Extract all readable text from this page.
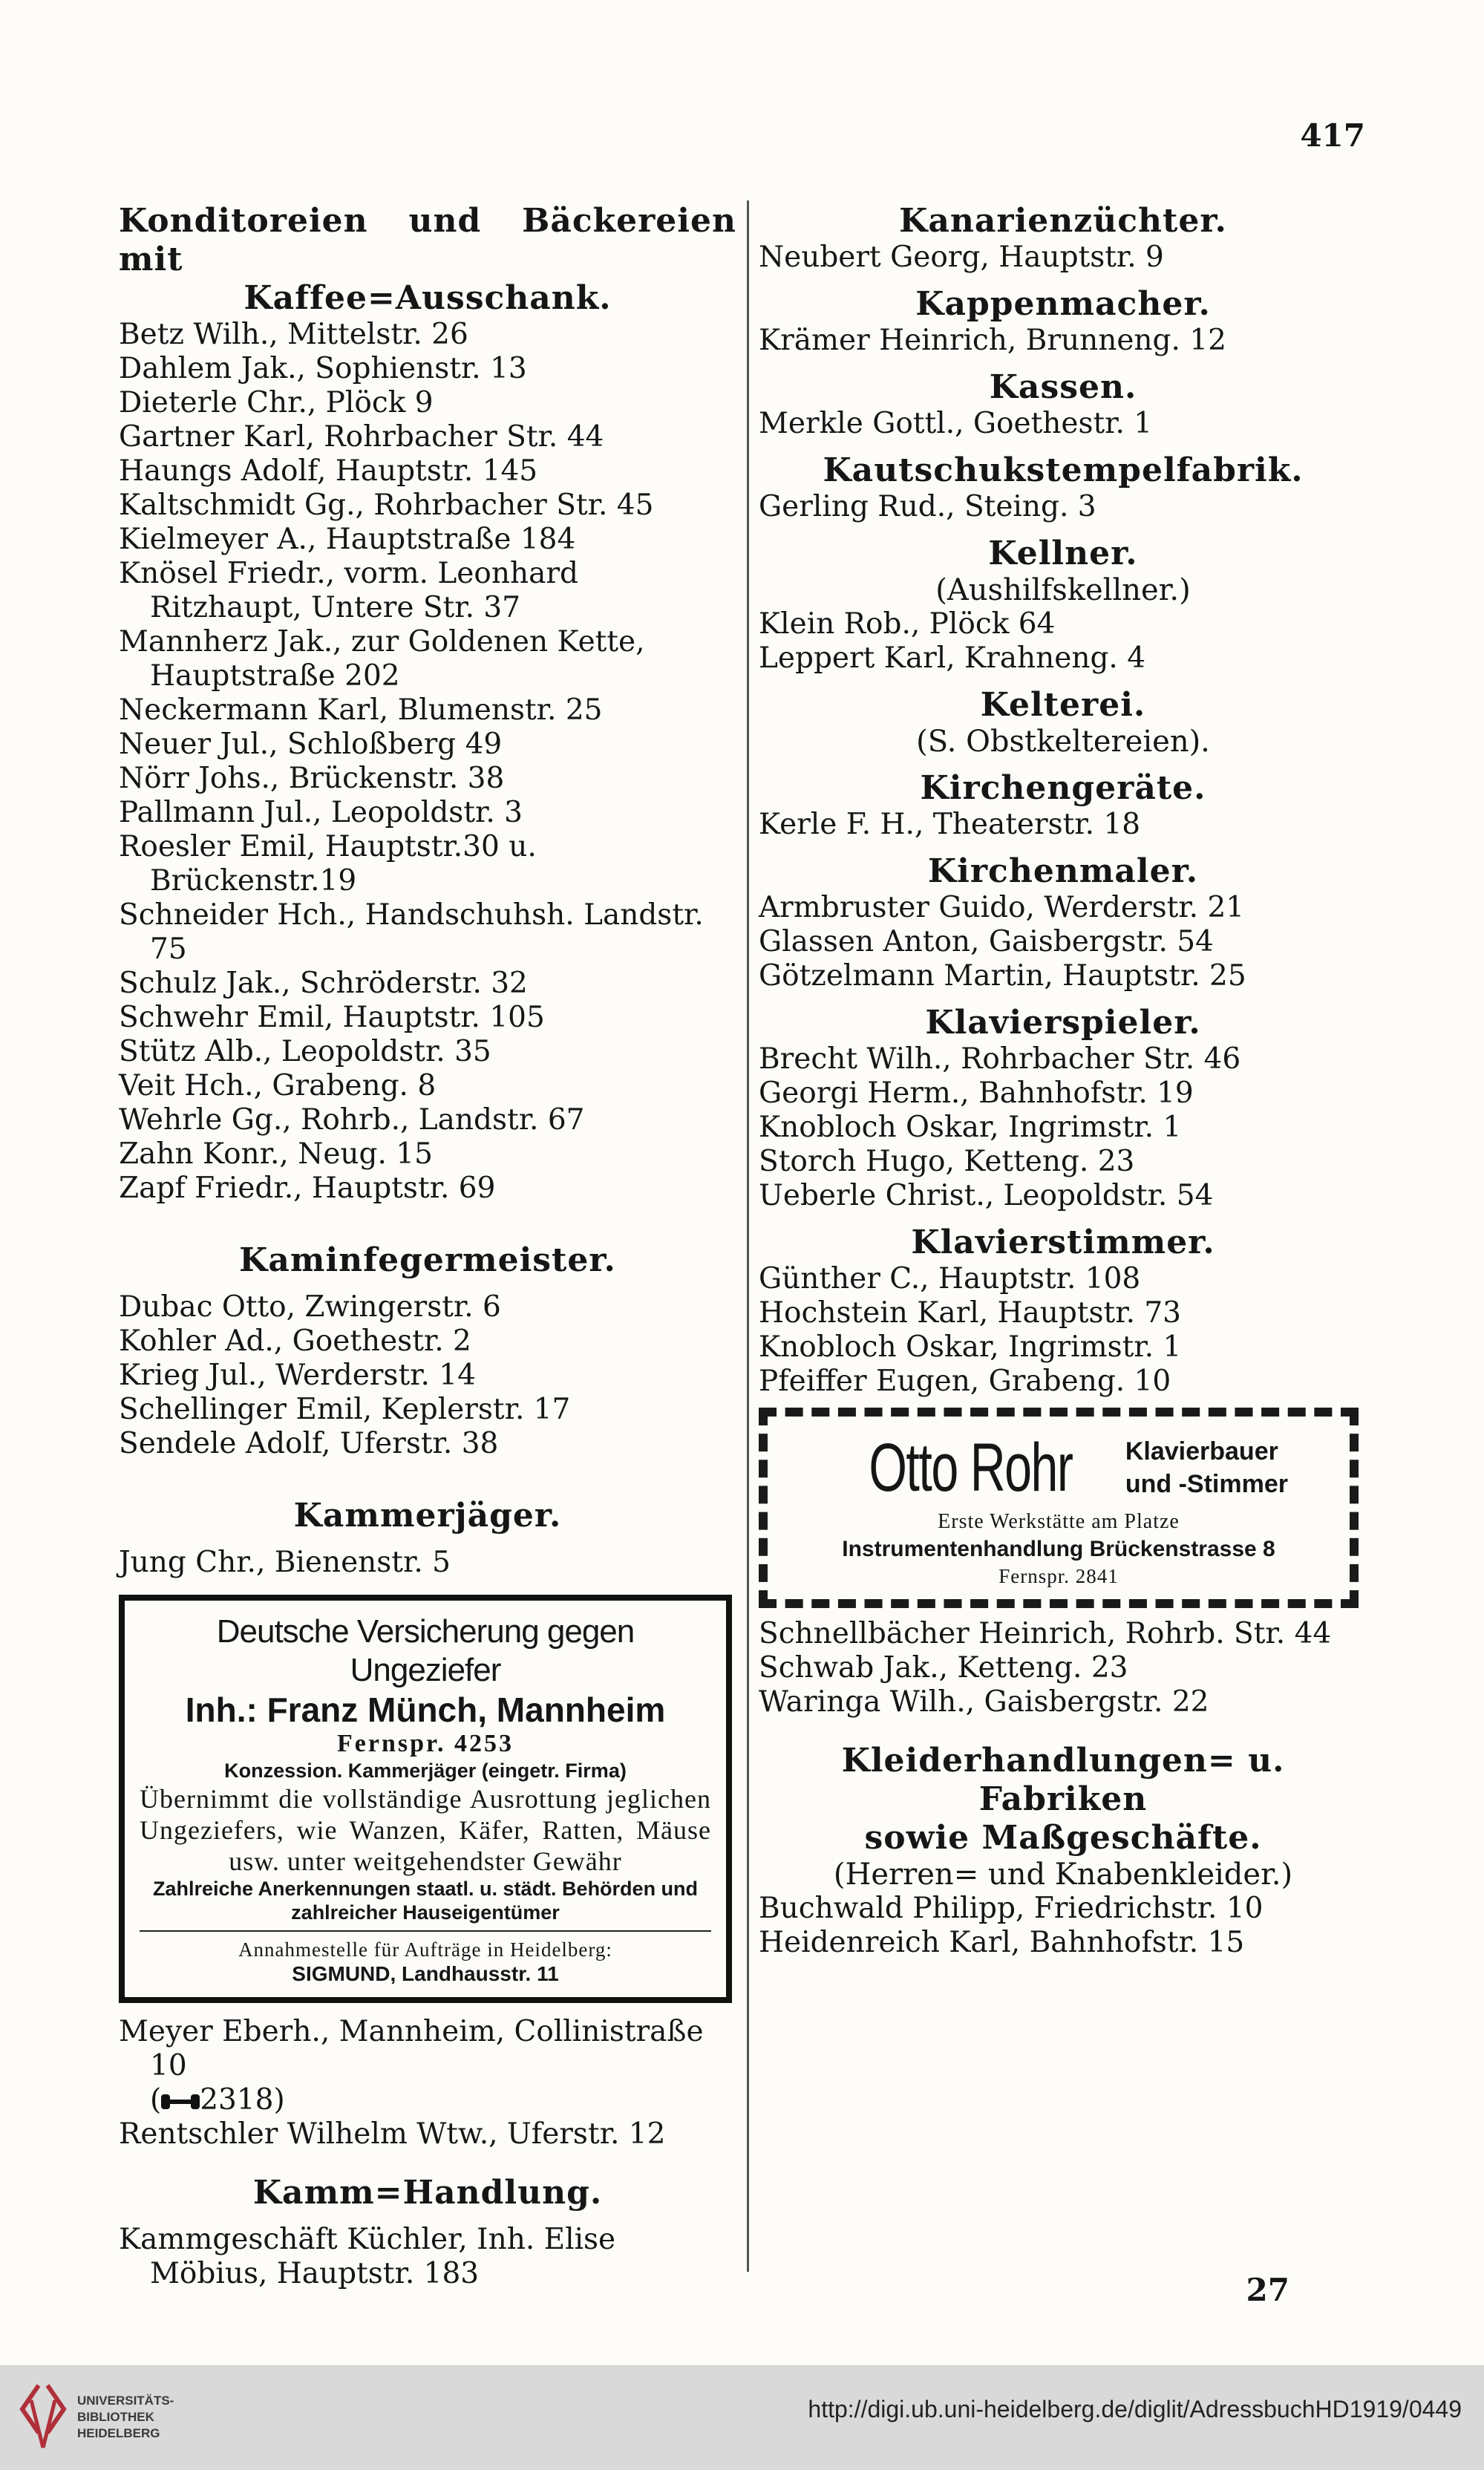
417
Konditoreien und Bäckereien mit
Kaffee=Ausschank.
Betz Wilh., Mittelstr. 26
Dahlem Jak., Sophienstr. 13
Dieterle Chr., Plöck 9
Gartner Karl, Rohrbacher Str. 44
Haungs Adolf, Hauptstr. 145
Kaltschmidt Gg., Rohrbacher Str. 45
Kielmeyer A., Hauptstraße 184
Knösel Friedr., vorm. Leonhard Ritzhaupt, Untere Str. 37
Mannherz Jak., zur Goldenen Kette, Hauptstraße 202
Neckermann Karl, Blumenstr. 25
Neuer Jul., Schloßberg 49
Nörr Johs., Brückenstr. 38
Pallmann Jul., Leopoldstr. 3
Roesler Emil, Hauptstr.30 u. Brückenstr.19
Schneider Hch., Handschuhsh. Landstr. 75
Schulz Jak., Schröderstr. 32
Schwehr Emil, Hauptstr. 105
Stütz Alb., Leopoldstr. 35
Veit Hch., Grabeng. 8
Wehrle Gg., Rohrb., Landstr. 67
Zahn Konr., Neug. 15
Zapf Friedr., Hauptstr. 69
Kaminfegermeister.
Dubac Otto, Zwingerstr. 6
Kohler Ad., Goethestr. 2
Krieg Jul., Werderstr. 14
Schellinger Emil, Keplerstr. 17
Sendele Adolf, Uferstr. 38
Kammerjäger.
Jung Chr., Bienenstr. 5
Deutsche Versicherung gegen Ungeziefer
Inh.: Franz Münch, Mannheim
Fernspr. 4253
Konzession. Kammerjäger (eingetr. Firma)
Übernimmt die vollständige Ausrottung jeglichen Ungeziefers, wie Wanzen, Käfer, Ratten, Mäuse usw. unter weitgehendster Gewähr
Zahlreiche Anerkennungen staatl. u. städt. Behörden und zahlreicher Hauseigentümer
Annahmestelle für Aufträge in Heidelberg:
SIGMUND, Landhausstr. 11
Meyer Eberh., Mannheim, Collinistraße 10
( 2318)
Rentschler Wilhelm Wtw., Uferstr. 12
Kamm=Handlung.
Kammgeschäft Küchler, Inh. Elise Möbius, Hauptstr. 183
Kanarienzüchter.
Neubert Georg, Hauptstr. 9
Kappenmacher.
Krämer Heinrich, Brunneng. 12
Kassen.
Merkle Gottl., Goethestr. 1
Kautschukstempelfabrik.
Gerling Rud., Steing. 3
Kellner.

(Aushilfskellner.)

Klein Rob., Plöck 64
Leppert Karl, Krahneng. 4
Kelterei.

(S. Obstkeltereien).

Kirchengeräte.
Kerle F. H., Theaterstr. 18
Kirchenmaler.
Armbruster Guido, Werderstr. 21
Glassen Anton, Gaisbergstr. 54
Götzelmann Martin, Hauptstr. 25
Klavierspieler.
Brecht Wilh., Rohrbacher Str. 46
Georgi Herm., Bahnhofstr. 19
Knobloch Oskar, Ingrimstr. 1
Storch Hugo, Ketteng. 23
Ueberle Christ., Leopoldstr. 54
Klavierstimmer.
Günther C., Hauptstr. 108
Hochstein Karl, Hauptstr. 73
Knobloch Oskar, Ingrimstr. 1
Pfeiffer Eugen, Grabeng. 10
Otto Rohr Klavierbauer
und -Stimmer
Erste Werkstätte am Platze
Instrumentenhandlung Brückenstrasse 8
Fernspr. 2841
Schnellbächer Heinrich, Rohrb. Str. 44
Schwab Jak., Ketteng. 23
Waringa Wilh., Gaisbergstr. 22
Kleiderhandlungen= u. Fabriken
sowie Maßgeschäfte.

(Herren= und Knabenkleider.)

Buchwald Philipp, Friedrichstr. 10
Heidenreich Karl, Bahnhofstr. 15
27
UNIVERSITÄTS-
BIBLIOTHEK
HEIDELBERG
http://digi.ub.uni-heidelberg.de/diglit/AdressbuchHD1919/0449
